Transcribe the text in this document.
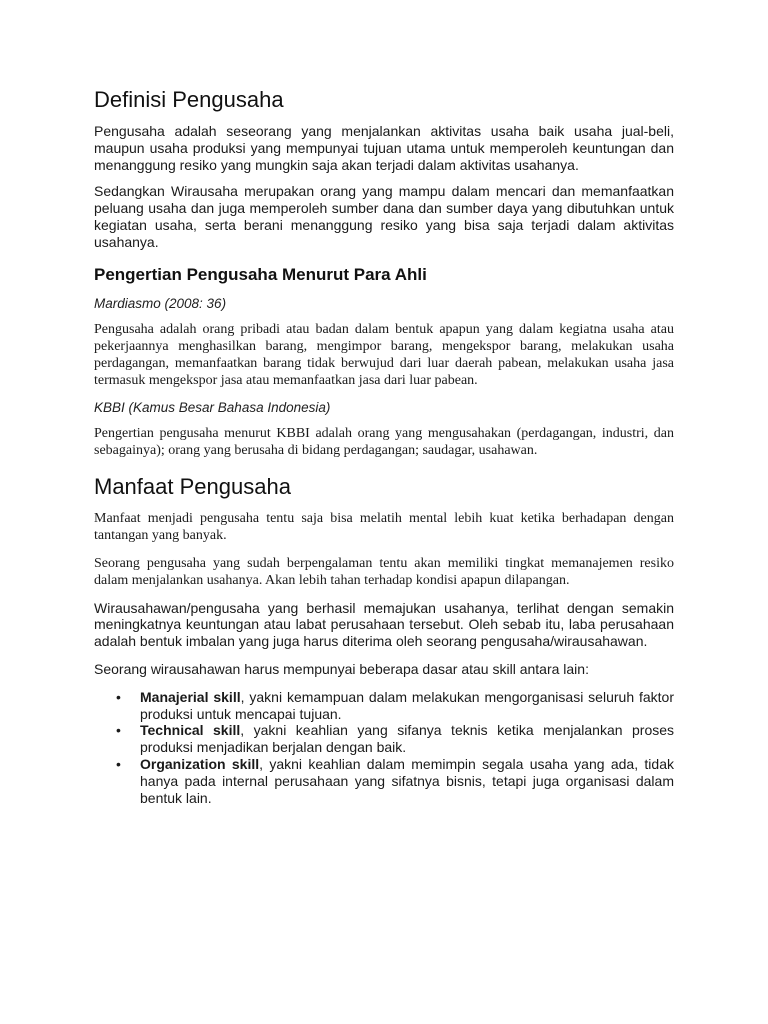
Definisi Pengusaha

Pengusaha adalah seseorang yang menjalankan aktivitas usaha baik usaha jual-beli, maupun usaha produksi yang mempunyai tujuan utama untuk memperoleh keuntungan dan menanggung resiko yang mungkin saja akan terjadi dalam aktivitas usahanya.

Sedangkan Wirausaha merupakan orang yang mampu dalam mencari dan memanfaatkan peluang usaha dan juga memperoleh sumber dana dan sumber daya yang dibutuhkan untuk kegiatan usaha, serta berani menanggung resiko yang bisa saja terjadi dalam aktivitas usahanya.

Pengertian Pengusaha Menurut Para Ahli

Mardiasmo (2008: 36)

Pengusaha adalah orang pribadi atau badan dalam bentuk apapun yang dalam kegiatna usaha atau pekerjaannya menghasilkan barang, mengimpor barang, mengekspor barang, melakukan usaha perdagangan, memanfaatkan barang tidak berwujud dari luar daerah pabean, melakukan usaha jasa termasuk mengekspor jasa atau memanfaatkan jasa dari luar pabean.

KBBI (Kamus Besar Bahasa Indonesia)

Pengertian pengusaha menurut KBBI adalah orang yang mengusahakan (perdagangan, industri, dan sebagainya); orang yang berusaha di bidang perdagangan; saudagar, usahawan.

Manfaat Pengusaha

Manfaat menjadi pengusaha tentu saja bisa melatih mental lebih kuat ketika berhadapan dengan tantangan yang banyak.

Seorang pengusaha yang sudah berpengalaman tentu akan memiliki tingkat memanajemen resiko dalam menjalankan usahanya. Akan lebih tahan terhadap kondisi apapun dilapangan.

Wirausahawan/pengusaha yang berhasil memajukan usahanya, terlihat dengan semakin meningkatnya keuntungan atau labat perusahaan tersebut. Oleh sebab itu, laba perusahaan adalah bentuk imbalan yang juga harus diterima oleh seorang pengusaha/wirausahawan.

Seorang wirausahawan harus mempunyai beberapa dasar atau skill antara lain:

• Manajerial skill, yakni kemampuan dalam melakukan mengorganisasi seluruh faktor produksi untuk mencapai tujuan.
• Technical skill, yakni keahlian yang sifanya teknis ketika menjalankan proses produksi menjadikan berjalan dengan baik.
• Organization skill, yakni keahlian dalam memimpin segala usaha yang ada, tidak hanya pada internal perusahaan yang sifatnya bisnis, tetapi juga organisasi dalam bentuk lain.
